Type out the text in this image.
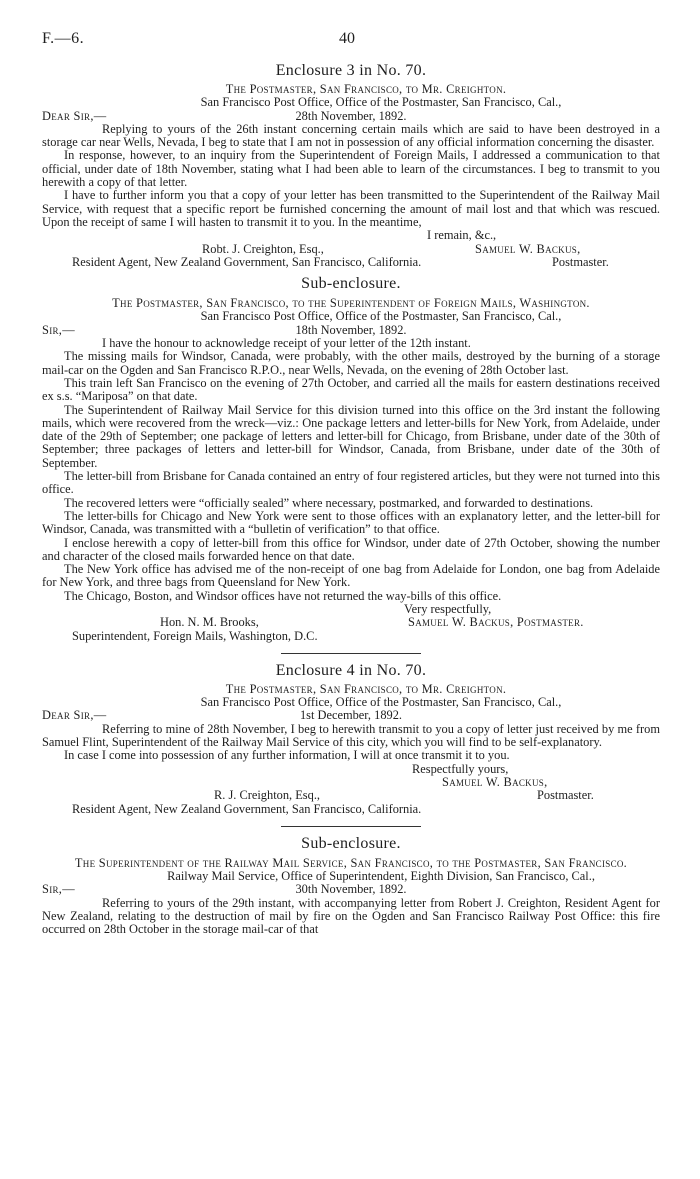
F.—6.	40
Enclosure 3 in No. 70.
The Postmaster, San Francisco, to Mr. Creighton.
San Francisco Post Office, Office of the Postmaster, San Francisco, Cal.,
Dear Sir,—	28th November, 1892.

Replying to yours of the 26th instant concerning certain mails which are said to have been destroyed in a storage car near Wells, Nevada, I beg to state that I am not in possession of any official information concerning the disaster.

In response, however, to an inquiry from the Superintendent of Foreign Mails, I addressed a communication to that official, under date of 18th November, stating what I had been able to learn of the circumstances. I beg to transmit to you herewith a copy of that letter.

I have to further inform you that a copy of your letter has been transmitted to the Superintendent of the Railway Mail Service, with request that a specific report be furnished concerning the amount of mail lost and that which was rescued. Upon the receipt of same I will hasten to transmit it to you. In the meantime,

I remain, &c.,
Robt. J. Creighton, Esq.,	Samuel W. Backus,
Resident Agent, New Zealand Government, San Francisco, California.	Postmaster.
Sub-enclosure.
The Postmaster, San Francisco, to the Superintendent of Foreign Mails, Washington.
San Francisco Post Office, Office of the Postmaster, San Francisco, Cal.,
Sir,—	18th November, 1892.

I have the honour to acknowledge receipt of your letter of the 12th instant.

The missing mails for Windsor, Canada, were probably, with the other mails, destroyed by the burning of a storage mail-car on the Ogden and San Francisco R.P.O., near Wells, Nevada, on the evening of 28th October last.

This train left San Francisco on the evening of 27th October, and carried all the mails for eastern destinations received ex s.s. “Mariposa” on that date.

The Superintendent of Railway Mail Service for this division turned into this office on the 3rd instant the following mails, which were recovered from the wreck—viz.: One package letters and letter-bills for New York, from Adelaide, under date of the 29th of September; one package of letters and letter-bill for Chicago, from Brisbane, under date of the 30th of September; three packages of letters and letter-bill for Windsor, Canada, from Brisbane, under date of the 30th of September.

The letter-bill from Brisbane for Canada contained an entry of four registered articles, but they were not turned into this office.

The recovered letters were “officially sealed” where necessary, postmarked, and forwarded to destinations.

The letter-bills for Chicago and New York were sent to those offices with an explanatory letter, and the letter-bill for Windsor, Canada, was transmitted with a “bulletin of verification” to that office.

I enclose herewith a copy of letter-bill from this office for Windsor, under date of 27th October, showing the number and character of the closed mails forwarded hence on that date.

The New York office has advised me of the non-receipt of one bag from Adelaide for London, one bag from Adelaide for New York, and three bags from Queensland for New York.

The Chicago, Boston, and Windsor offices have not returned the way-bills of this office.

Very respectfully,
Hon. N. M. Brooks,	Samuel W. Backus, Postmaster.
Superintendent, Foreign Mails, Washington, D.C.
Enclosure 4 in No. 70.
The Postmaster, San Francisco, to Mr. Creighton.
San Francisco Post Office, Office of the Postmaster, San Francisco, Cal.,
Dear Sir,—	1st December, 1892.

Referring to mine of 28th November, I beg to herewith transmit to you a copy of letter just received by me from Samuel Flint, Superintendent of the Railway Mail Service of this city, which you will find to be self-explanatory.

In case I come into possession of any further information, I will at once transmit it to you.

Respectfully yours,
Samuel W. Backus,
R. J. Creighton, Esq.,	Postmaster.
Resident Agent, New Zealand Government, San Francisco, California.
Sub-enclosure.
The Superintendent of the Railway Mail Service, San Francisco, to the Postmaster, San Francisco.
Railway Mail Service, Office of Superintendent, Eighth Division, San Francisco, Cal.,
Sir,—	30th November, 1892.

Referring to yours of the 29th instant, with accompanying letter from Robert J. Creighton, Resident Agent for New Zealand, relating to the destruction of mail by fire on the Ogden and San Francisco Railway Post Office: this fire occurred on 28th October in the storage mail-car of that
